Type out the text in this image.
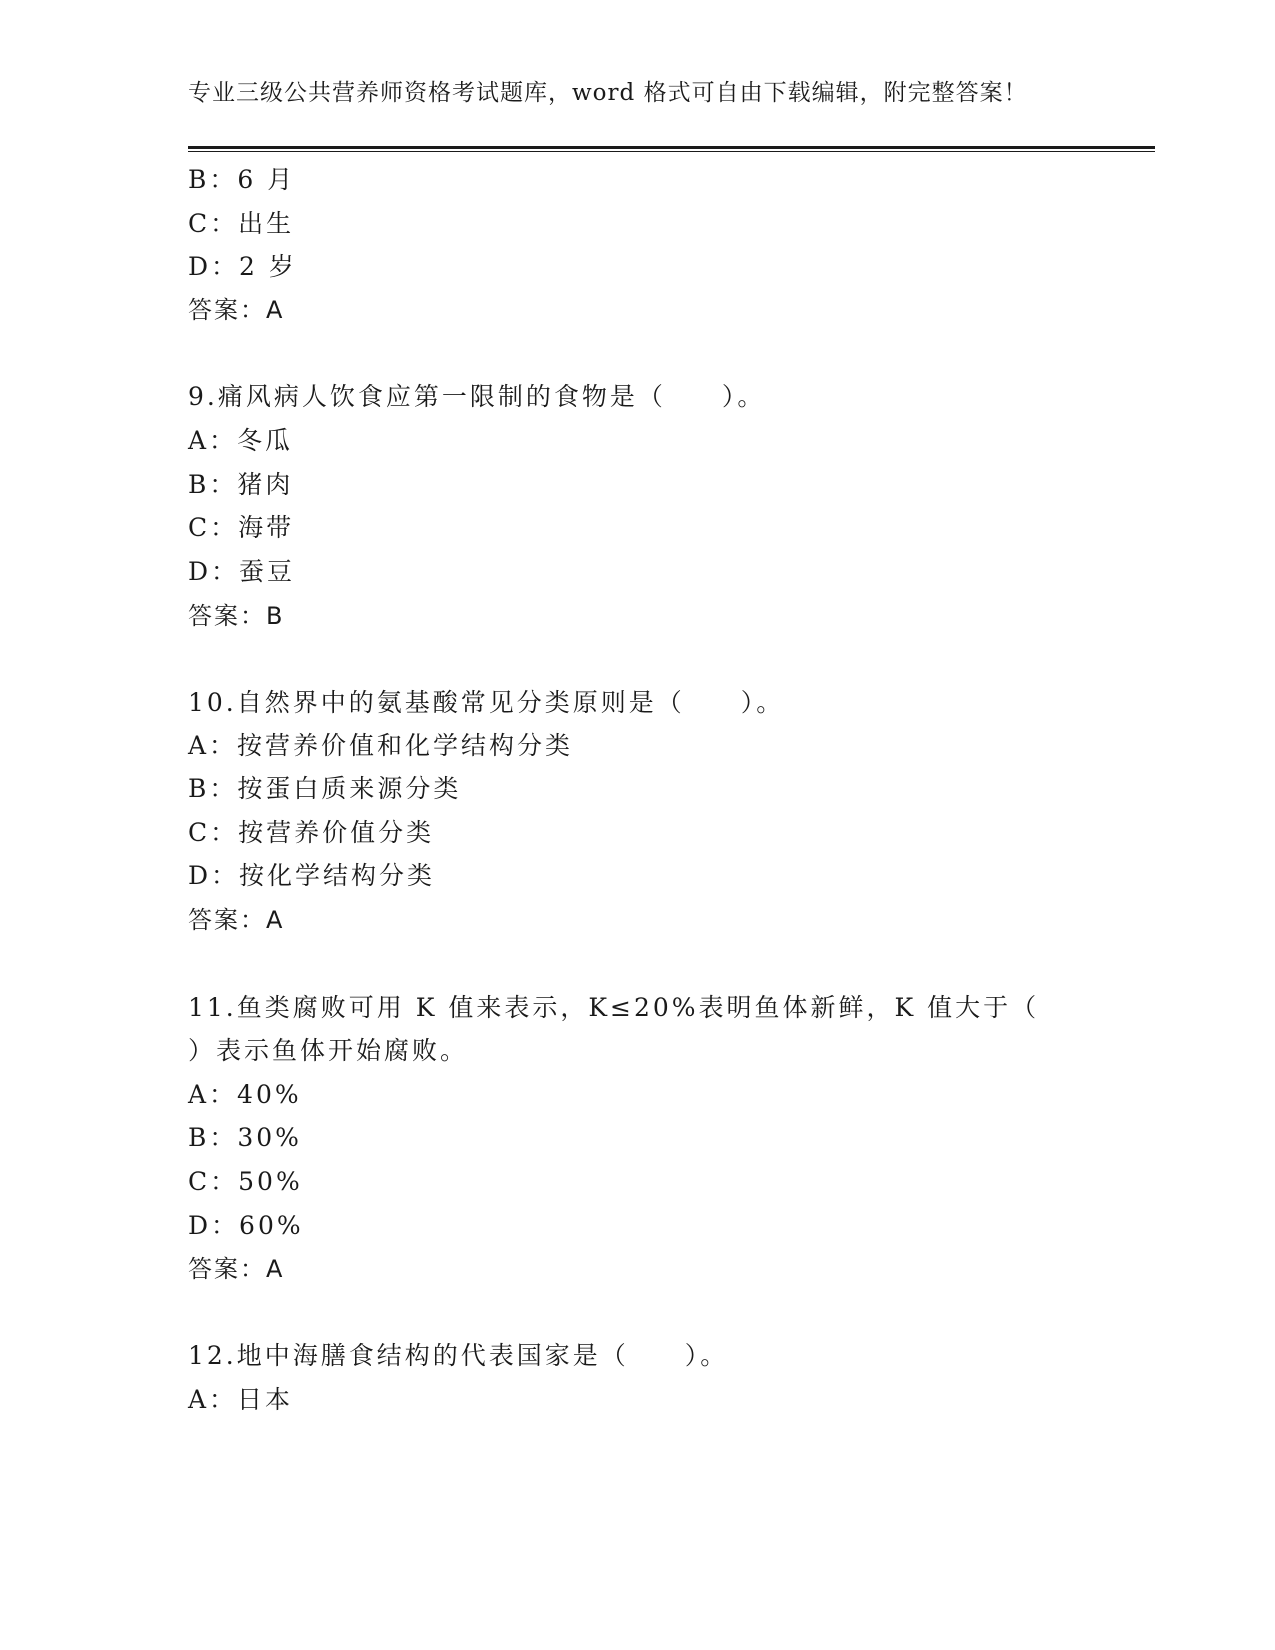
专业三级公共营养师资格考试题库，word 格式可自由下载编辑，附完整答案！
B：6 月
C：出生
D：2 岁
答案：A
9.痛风病人饮食应第一限制的食物是（　　）。
A：冬瓜
B：猪肉
C：海带
D：蚕豆
答案：B
10.自然界中的氨基酸常见分类原则是（　　）。
A：按营养价值和化学结构分类
B：按蛋白质来源分类
C：按营养价值分类
D：按化学结构分类
答案：A
11.鱼类腐败可用 K 值来表示，K≤20%表明鱼体新鲜，K 值大于（
）表示鱼体开始腐败。
A：40%
B：30%
C：50%
D：60%
答案：A
12.地中海膳食结构的代表国家是（　　）。
A：日本
